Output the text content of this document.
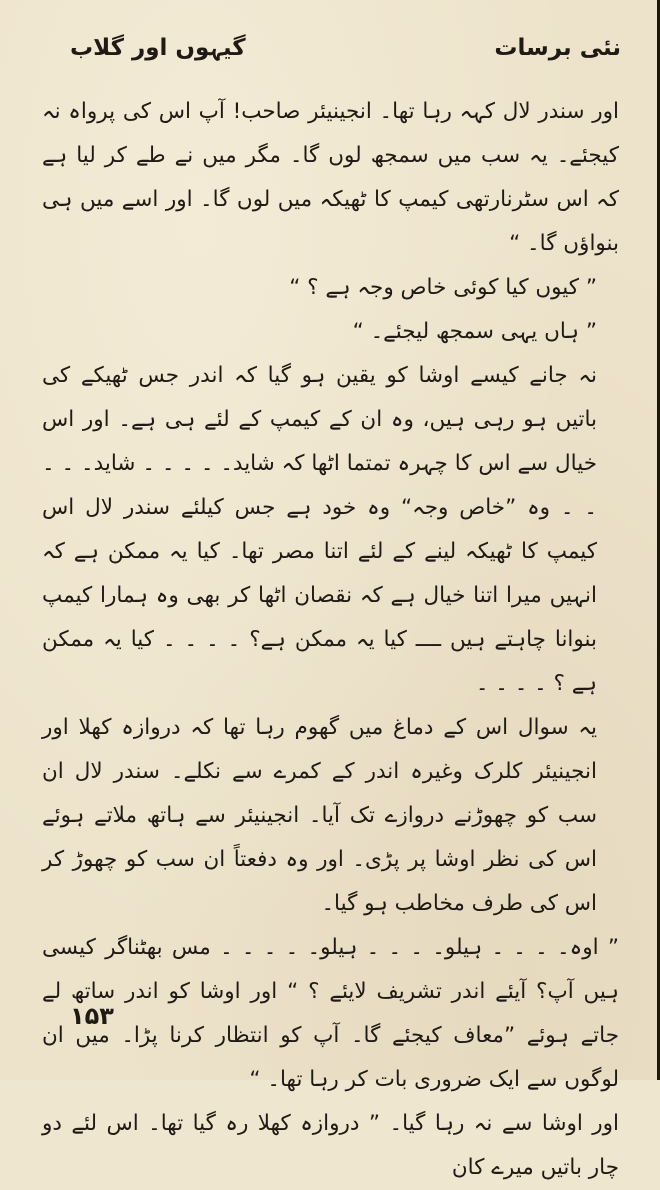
نئی برسات
گیہوں اور گلاب

اور سندر لال کہہ رہا تھا۔ انجینیئر صاحب! آپ اس کی پرواہ نہ کیجئے۔ یہ سب میں سمجھ لوں گا۔ مگر میں نے طے کر لیا ہے کہ اس سٹرنارتھی کیمپ کا ٹھیکہ میں لوں گا۔ اور اسے میں ہی بنواؤں گا۔ “

” کیوں کیا کوئی خاص وجہ ہے ؟ “

” ہاں یہی سمجھ لیجئے۔ “

نہ جانے کیسے اوشا کو یقین ہو گیا کہ اندر جس ٹھیکے کی باتیں ہو رہی ہیں، وہ ان کے کیمپ کے لئے ہی ہے۔ اور اس خیال سے اس کا چہرہ تمتما اٹھا کہ شاید۔ ۔ ۔ ۔ ۔ شاید۔ ۔ ۔ ۔ ۔ وہ ”خاص وجہ“ وہ خود ہے جس کیلئے سندر لال اس کیمپ کا ٹھیکہ لینے کے لئے اتنا مصر تھا۔ کیا یہ ممکن ہے کہ انہیں میرا اتنا خیال ہے کہ نقصان اٹھا کر بھی وہ ہمارا کیمپ بنوانا چاہتے ہیں ــــ کیا یہ ممکن ہے؟ ۔ ۔ ۔ ۔ کیا یہ ممکن ہے ؟ ۔ ۔ ۔ ۔

یہ سوال اس کے دماغ میں گھوم رہا تھا کہ دروازہ کھلا اور انجینیئر کلرک وغیرہ اندر کے کمرے سے نکلے۔ سندر لال ان سب کو چھوڑنے دروازے تک آیا۔ انجینیئر سے ہاتھ ملاتے ہوئے اس کی نظر اوشا پر پڑی۔ اور وہ دفعتاً ان سب کو چھوڑ کر اس کی طرف مخاطب ہو گیا۔

” اوہ۔ ۔ ۔ ۔ ہیلو۔ ۔ ۔ ۔ ہیلو۔ ۔ ۔ ۔ ۔ مس بھٹناگر کیسی ہیں آپ؟ آیئے اندر تشریف لایئے ؟ “ اور اوشا کو اندر ساتھ لے جاتے ہوئے ”معاف کیجئے گا۔ آپ کو انتظار کرنا پڑا۔ میں ان لوگوں سے ایک ضروری بات کر رہا تھا۔ “

اور اوشا سے نہ رہا گیا۔ ” دروازہ کھلا رہ گیا تھا۔ اس لئے دو چار باتیں میرے کان

۱۵۳
